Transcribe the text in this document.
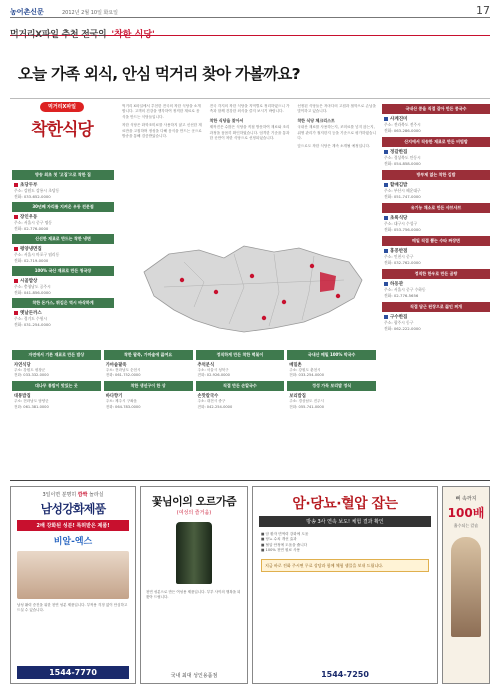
농어촌신문	2012년 2월 10일 화요일	17
먹거리X파일 추천 전국의 '착한 식당'
오늘 가족 외식, 안심 먹거리 찾아 가볼까요?
먹거리X파일
착한식당
방송 최초 첫 '고집'으로 착한 집
초당두부
주소: 강원도 강릉시 초당동
전화: 033-652-0000
30년째 자리를 지켜온 우동 전문점
장인우동
주소: 서울시 중구 명동
전화: 02-776-0000
신선한 재료로 만드는 착한 냉면
평양냉면집
주소: 서울시 마포구 염리동
전화: 02-719-0000
100% 국산 재료로 만든 청국장
시골밥상
주소: 충청남도 공주시
전화: 041-856-0000
착한 돈가스, 튀김은 역시 바삭하게
옛날돈까스
주소: 경기도 수원시
전화: 031-254-0000

먹거리 X파일에서 추천한 전국의 착한 식당을 소개합니다. 고객의 건강을 생각하여 정직한 재료로 음식을 만드는 식당들입니다.

착한 식당은 화학조미료를 사용하지 않고 신선한 재료만을 고집하며 정성을 다해 음식을 만드는 곳으로 방송을 통해 검증받았습니다.

전국 각지의 착한 식당을 지역별로 정리하였으니 가족과 함께 건강한 외식을 즐겨 보시기 바랍니다.

착한 식당을 찾아서

제작진은 수많은 식당을 직접 방문하여 재료와 조리 과정을 꼼꼼히 확인하였습니다. 엄격한 기준을 통과한 곳만이 착한 식당으로 선정되었습니다.

선정된 식당들은 저마다의 고집과 철학으로 손님을 맞이하고 있습니다.

착한 식당 체크리스트

국내산 재료를 사용하는지, 조미료를 넣지 않는지, 위생 관리가 철저한지 등을 기준으로 평가하였습니다.

앞으로도 착한 식당은 계속 소개될 예정입니다.

국내산 콩을 직접 갈아 만든 콩국수
사계진미
주소: 전라북도 전주시
전화: 063-286-0000
산지에서 직송한 재료로 만든 비빔밥
정갈한집
주소: 경상북도 안동시
전화: 054-858-0000
방부제 없는 착한 김밥
할매김밥
주소: 부산시 해운대구
전화: 051-747-0000
유기농 채소로 만든 샤브샤브
초록식당
주소: 대구시 수성구
전화: 053-756-0000
매일 직접 뽑는 수타 짜장면
홍콩반점
주소: 인천시 중구
전화: 032-762-0000
정직한 한우로 만든 곰탕
하동관
주소: 서울시 중구 수하동
전화: 02-776-5656
직접 담근 된장으로 끓인 찌개
구수한집
주소: 광주시 동구
전화: 062-222-0000
자연에서 기른 재료로 만든 밥상
자연식당
주소: 강원도 평창군
전화: 033-332-0000
착한 팥죽, 가마솥에 끓여요
가마솥팥죽
주소: 전라남도 순천시
전화: 061-752-0000
정직하게 만든 착한 떡볶이
추억분식
주소: 서울시 성북구
전화: 02-926-0000
국내산 메밀 100% 막국수
메밀촌
주소: 강원도 춘천시
전화: 033-254-0000
대나무 통밥이 맛있는 곳
대통밥집
주소: 전라남도 담양군
전화: 061-381-0000
착한 생선구이 한 상
바다향기
주소: 제주시 구좌읍
전화: 064-783-0000
직접 만든 손칼국수
손맛칼국수
주소: 대전시 중구
전화: 042-254-0000
정성 가득 보리밥 정식
보리밥집
주소: 경상남도 진주시
전화: 055-741-0000
3일이면 분명히 깜짝 놀라실
남성강화제품
2배 강화된 성분! 특허받은 제품!
비알-엑스
남성 활력 증진을 위한 천연 성분 제품입니다. 부작용 걱정 없이 안심하고 드실 수 있습니다.
1544-7770
꽃님이의 오르가즘
(여성의 즐거움)
천연 성분으로 만든 여성용 제품입니다. 부부 사이의 행복을 되찾아 드립니다.
국내 최대 성인용품점
암·당뇨·혈압 잡는
방송 3사 연속 보도! 체험 결과 확인
■ 암 환자 면역력 강화에 도움
■ 당뇨 수치 개선 효과
■ 혈압 안정에 도움을 줍니다
■ 100% 천연 원료 사용
지금 바로 전화 주시면 무료 상담과 함께 체험 샘플을 보내 드립니다.
1544-7250
뼈 속까지
100배
흡수되는 칼슘
